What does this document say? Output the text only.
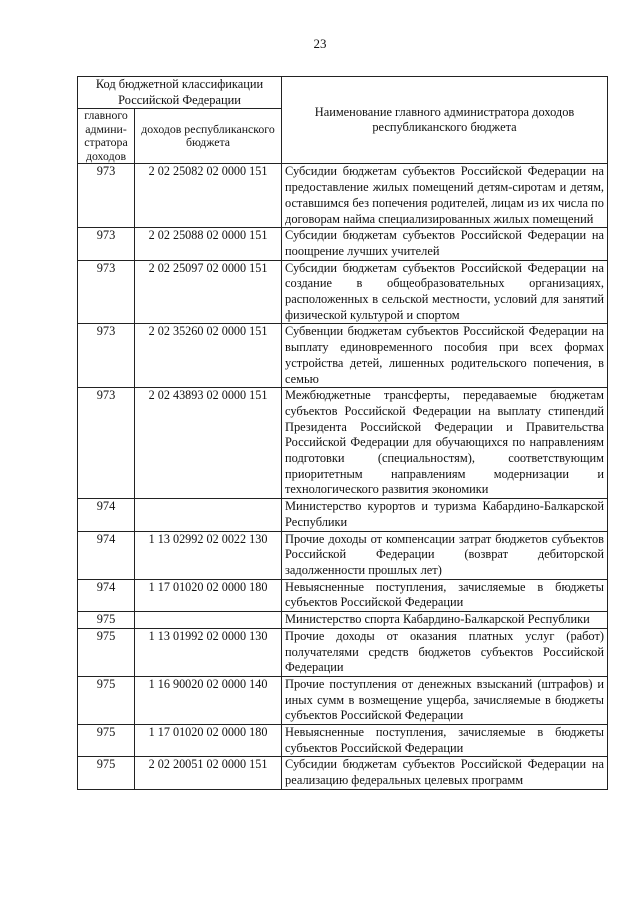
23
Код бюджетной классификации Российской Федерации		Наименование главного администратора доходов республиканского бюджета
главного админи-стратора доходов	доходов республиканского бюджета	
973	2 02 25082 02 0000 151	Субсидии бюджетам субъектов Российской Федерации на предоставление жилых помещений детям-сиротам и детям, оставшимся без попечения родителей, лицам из их числа по договорам найма специализированных жилых помещений
973	2 02 25088 02 0000 151	Субсидии бюджетам субъектов Российской Федерации на поощрение лучших учителей
973	2 02 25097 02 0000 151	Субсидии бюджетам субъектов Российской Федерации на создание в общеобразовательных организациях, расположенных в сельской местности, условий для занятий физической культурой и спортом
973	2 02 35260 02 0000 151	Субвенции бюджетам субъектов Российской Федерации на выплату единовременного пособия при всех формах устройства детей, лишенных родительского попечения, в семью
973	2 02 43893 02 0000 151	Межбюджетные трансферты, передаваемые бюджетам субъектов Российской Федерации на выплату стипендий Президента Российской Федерации и Правительства Российской Федерации для обучающихся по направлениям подготовки (специальностям), соответствующим приоритетным направлениям модернизации и технологического развития экономики
974		Министерство курортов и туризма Кабардино-Балкарской Республики
974	1 13 02992 02 0022 130	Прочие доходы от компенсации затрат бюджетов субъектов Российской Федерации (возврат дебиторской задолженности прошлых лет)
974	1 17 01020 02 0000 180	Невыясненные поступления, зачисляемые в бюджеты субъектов Российской Федерации
975		Министерство спорта Кабардино-Балкарской Республики
975	1 13 01992 02 0000 130	Прочие доходы от оказания платных услуг (работ) получателями средств бюджетов субъектов Российской Федерации
975	1 16 90020 02 0000 140	Прочие поступления от денежных взысканий (штрафов) и иных сумм в возмещение ущерба, зачисляемые в бюджеты субъектов Российской Федерации
975	1 17 01020 02 0000 180	Невыясненные поступления, зачисляемые в бюджеты субъектов Российской Федерации
975	2 02 20051 02 0000 151	Субсидии бюджетам субъектов Российской Федерации на реализацию федеральных целевых программ
